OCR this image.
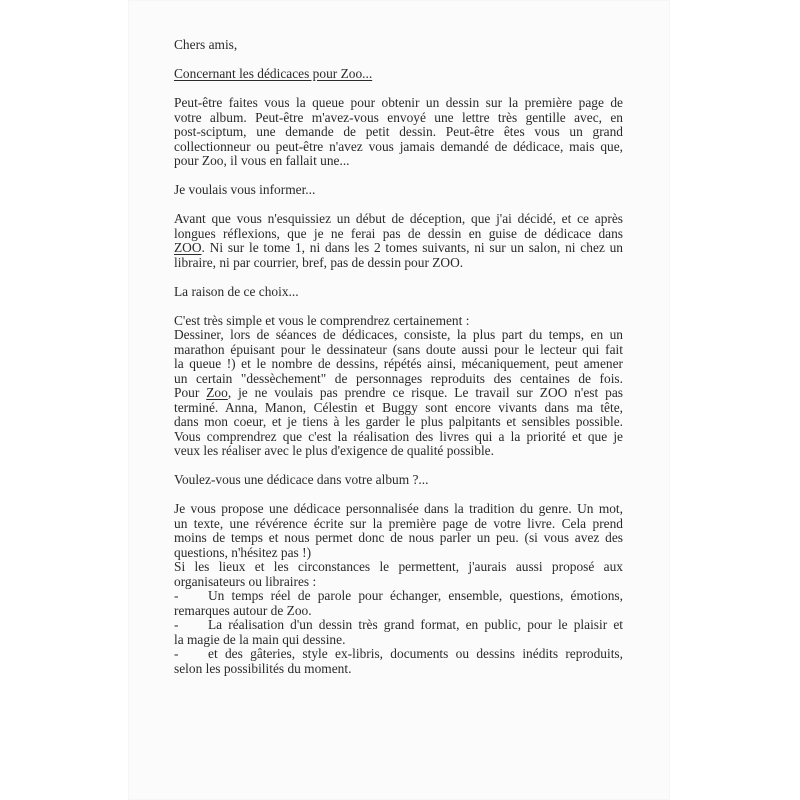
Chers amis,

Concernant les dédicaces pour Zoo...

Peut-être faites vous la queue pour obtenir un dessin sur la première page de
votre album. Peut-être m'avez-vous envoyé une lettre très gentille avec, en
post-sciptum, une demande de petit dessin. Peut-être êtes vous un grand
collectionneur ou peut-être n'avez vous jamais demandé de dédicace, mais que,
pour Zoo, il vous en fallait une...

Je voulais vous informer...

Avant que vous n'esquissiez un début de déception, que j'ai décidé, et ce après
longues réflexions, que je ne ferai pas de dessin en guise de dédicace dans
ZOO. Ni sur le tome 1, ni dans les 2 tomes suivants, ni sur un salon, ni chez un
libraire, ni par courrier, bref, pas de dessin pour ZOO.

La raison de ce choix...

C'est très simple et vous le comprendrez certainement :
Dessiner, lors de séances de dédicaces, consiste, la plus part du temps, en un
marathon épuisant pour le dessinateur (sans doute aussi pour le lecteur qui fait
la queue !) et le nombre de dessins, répétés ainsi, mécaniquement, peut amener
un certain "dessèchement" de personnages reproduits des centaines de fois.
Pour Zoo, je ne voulais pas prendre ce risque. Le travail sur ZOO n'est pas
terminé. Anna, Manon, Célestin et Buggy sont encore vivants dans ma tête,
dans mon coeur, et je tiens à les garder le plus palpitants et sensibles possible.
Vous comprendrez que c'est la réalisation des livres qui a la priorité et que je
veux les réaliser avec le plus d'exigence de qualité possible.

Voulez-vous une dédicace dans votre album ?...

Je vous propose une dédicace personnalisée dans la tradition du genre. Un mot,
un texte, une révérence écrite sur la première page de votre livre. Cela prend
moins de temps et nous permet donc de nous parler un peu. (si vous avez des
questions, n'hésitez pas !)
Si les lieux et les circonstances le permettent, j'aurais aussi proposé aux
organisateurs ou libraires :

- Un temps réel de parole pour échanger, ensemble, questions, émotions,
remarques autour de Zoo.
- La réalisation d'un dessin très grand format, en public, pour le plaisir et
la magie de la main qui dessine.
- et des gâteries, style ex-libris, documents ou dessins inédits reproduits,
selon les possibilités du moment.
